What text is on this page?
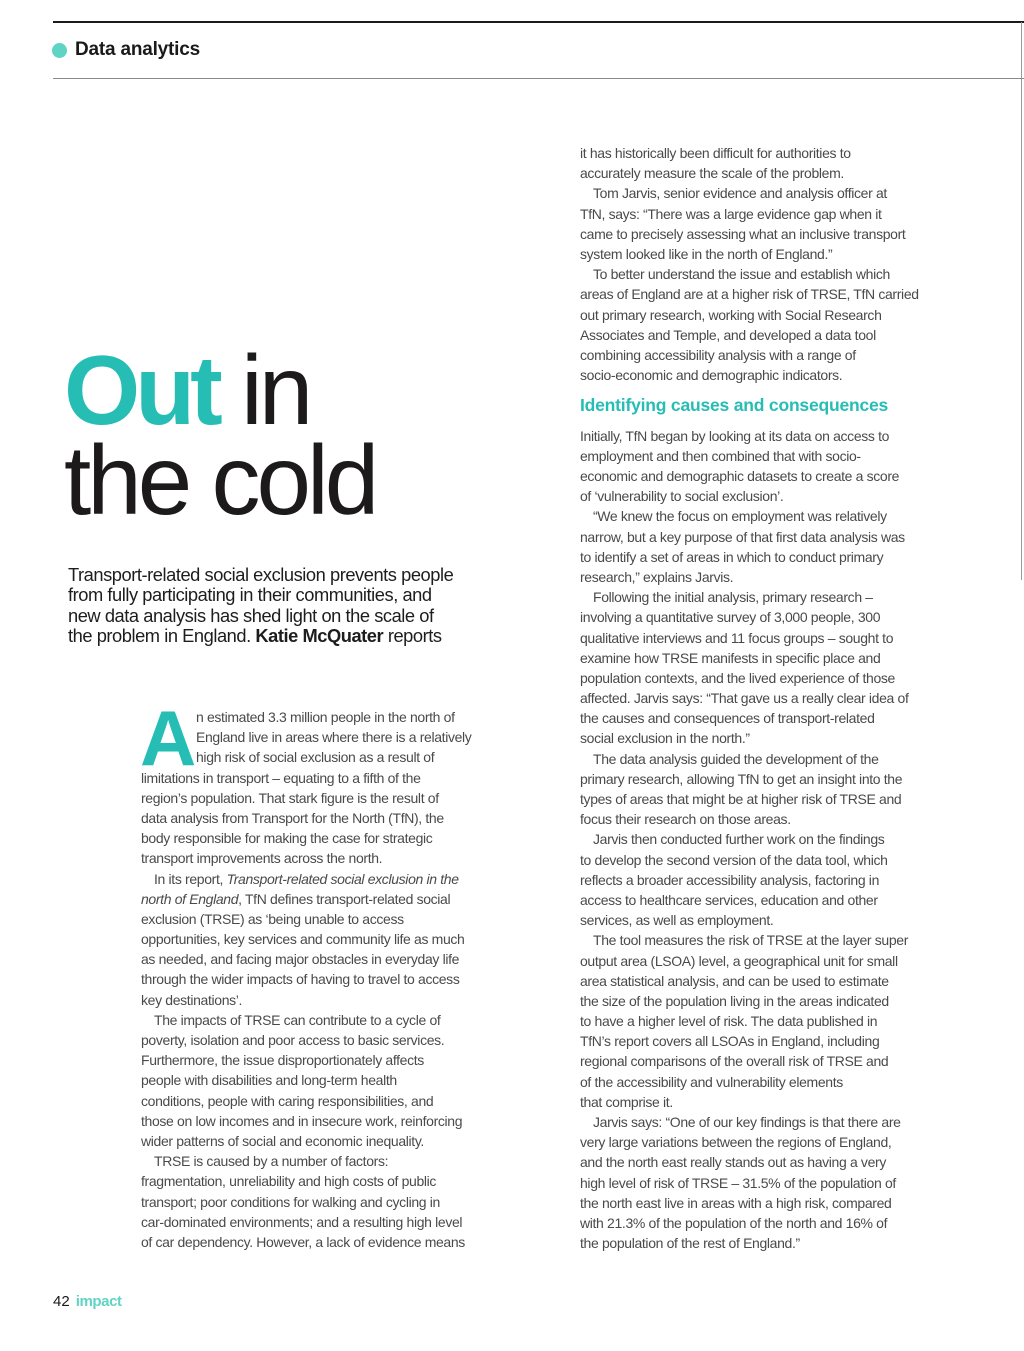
Data analytics
Out in
the cold
Transport-related social exclusion prevents people
from fully participating in their communities, and
new data analysis has shed light on the scale of
the problem in England. Katie McQuater reports
A n estimated 3.3 million people in the north of
England live in areas where there is a relatively
high risk of social exclusion as a result of
limitations in transport – equating to a fifth of the
region’s population. That stark figure is the result of
data analysis from Transport for the North (TfN), the
body responsible for making the case for strategic
transport improvements across the north.
In its report, Transport-related social exclusion in the
north of England, TfN defines transport-related social
exclusion (TRSE) as ‘being unable to access
opportunities, key services and community life as much
as needed, and facing major obstacles in everyday life
through the wider impacts of having to travel to access
key destinations’.
The impacts of TRSE can contribute to a cycle of
poverty, isolation and poor access to basic services.
Furthermore, the issue disproportionately affects
people with disabilities and long-term health
conditions, people with caring responsibilities, and
those on low incomes and in insecure work, reinforcing
wider patterns of social and economic inequality.
TRSE is caused by a number of factors:
fragmentation, unreliability and high costs of public
transport; poor conditions for walking and cycling in
car-dominated environments; and a resulting high level
of car dependency. However, a lack of evidence means
it has historically been difficult for authorities to
accurately measure the scale of the problem.
Tom Jarvis, senior evidence and analysis officer at
TfN, says: “There was a large evidence gap when it
came to precisely assessing what an inclusive transport
system looked like in the north of England.”
To better understand the issue and establish which
areas of England are at a higher risk of TRSE, TfN carried
out primary research, working with Social Research
Associates and Temple, and developed a data tool
combining accessibility analysis with a range of
socio-economic and demographic indicators.
Identifying causes and consequences
Initially, TfN began by looking at its data on access to
employment and then combined that with socio-
economic and demographic datasets to create a score
of ‘vulnerability to social exclusion’.
“We knew the focus on employment was relatively
narrow, but a key purpose of that first data analysis was
to identify a set of areas in which to conduct primary
research,” explains Jarvis.
Following the initial analysis, primary research –
involving a quantitative survey of 3,000 people, 300
qualitative interviews and 11 focus groups – sought to
examine how TRSE manifests in specific place and
population contexts, and the lived experience of those
affected. Jarvis says: “That gave us a really clear idea of
the causes and consequences of transport-related
social exclusion in the north.”
The data analysis guided the development of the
primary research, allowing TfN to get an insight into the
types of areas that might be at higher risk of TRSE and
focus their research on those areas.
Jarvis then conducted further work on the findings
to develop the second version of the data tool, which
reflects a broader accessibility analysis, factoring in
access to healthcare services, education and other
services, as well as employment.
The tool measures the risk of TRSE at the layer super
output area (LSOA) level, a geographical unit for small
area statistical analysis, and can be used to estimate
the size of the population living in the areas indicated
to have a higher level of risk. The data published in
TfN’s report covers all LSOAs in England, including
regional comparisons of the overall risk of TRSE and
of the accessibility and vulnerability elements
that comprise it.
Jarvis says: “One of our key findings is that there are
very large variations between the regions of England,
and the north east really stands out as having a very
high level of risk of TRSE – 31.5% of the population of
the north east live in areas with a high risk, compared
with 21.3% of the population of the north and 16% of
the population of the rest of England.”
42 impact
